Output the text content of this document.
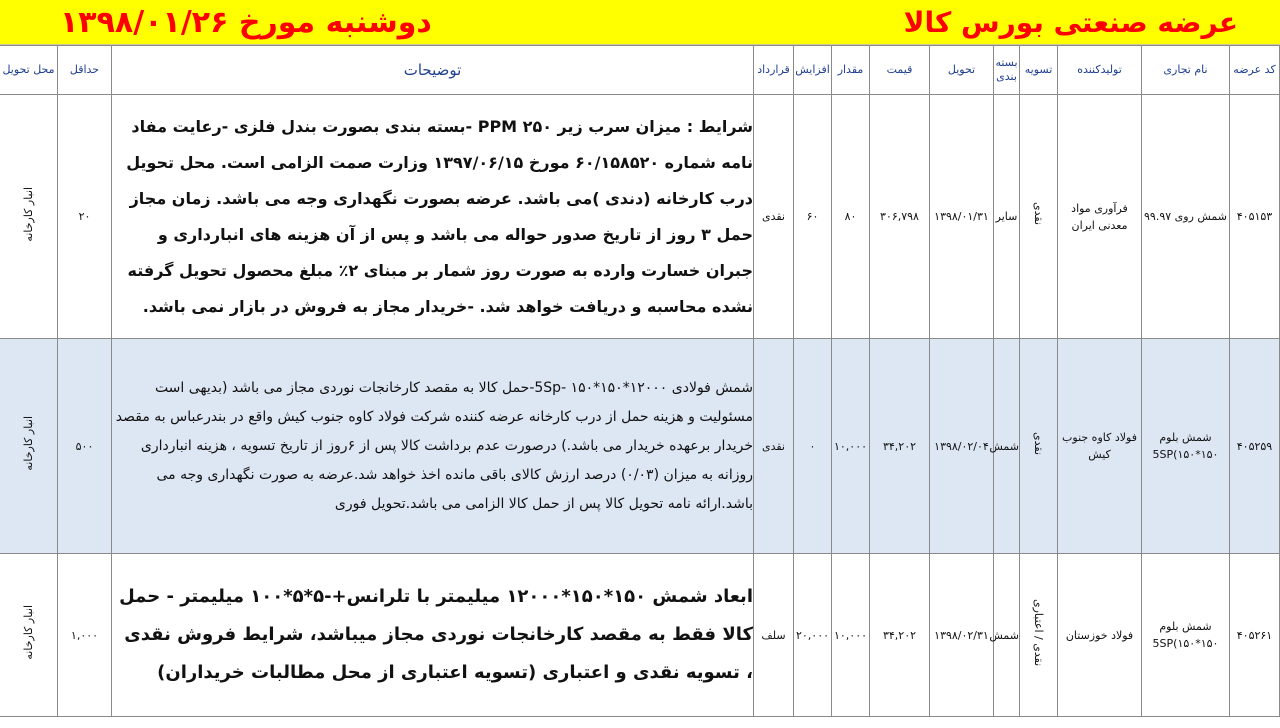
عرضه صنعتی بورس کالا
دوشنبه مورخ ۱۳۹۸/۰۱/۲۶
کد عرضه	نام تجاری	تولیدکننده	تسویه	بسته بندی	تحویل	قیمت	مقدار	افزایش	قرارداد	توضیحات	حداقل	محل تحویل
۴۰۵۱۵۳	شمش روی ۹۹.۹۷	فرآوری مواد معدنی ایران	نقدی	سایر	۱۳۹۸/۰۱/۳۱	۳۰۶,۷۹۸	۸۰	۶۰	نقدی	شرایط : میزان سرب زیر ۲۵۰ PPM -بسته بندی بصورت بندل فلزی -رعایت مفاد نامه شماره ۶۰/۱۵۸۵۲۰ مورخ ۱۳۹۷/۰۶/۱۵ وزارت صمت الزامی است. محل تحویل درب کارخانه (دندی )می باشد. عرضه بصورت نگهداری وجه می باشد. زمان مجاز حمل ۳ روز از تاریخ صدور حواله می باشد و پس از آن هزینه های انبارداری و جبران خسارت وارده به صورت روز شمار بر مبنای ۲٪ مبلغ محصول تحویل گرفته نشده محاسبه و دریافت خواهد شد. -خریدار مجاز به فروش در بازار نمی باشد.	۲۰	انبار کارخانه
۴۰۵۲۵۹	شمش بلوم ۱۵۰*۱۵۰)5SP	فولاد کاوه جنوب کیش	نقدی	شمش	۱۳۹۸/۰۲/۰۴	۳۴,۲۰۲	۱۰,۰۰۰	۰	نقدی	شمش فولادی ۱۲۰۰۰*۱۵۰*۱۵۰ -5Sp-حمل کالا به مقصد کارخانجات نوردی مجاز می باشد (بدیهی است مسئولیت و هزینه حمل از درب کارخانه عرضه کننده شرکت فولاد کاوه جنوب کیش واقع در بندرعباس به مقصد خریدار برعهده خریدار می باشد.) درصورت عدم برداشت کالا پس از ۶روز از تاریخ تسویه ، هزینه انبارداری روزانه به میزان (۰/۰۳) درصد ارزش کالای باقی مانده اخذ خواهد شد.عرضه به صورت نگهداری وجه می باشد.ارائه نامه تحویل کالا پس از حمل کالا الزامی می باشد.تحویل فوری	۵۰۰	انبار کارخانه
۴۰۵۲۶۱	شمش بلوم ۱۵۰*۱۵۰)5SP	فولاد خوزستان	نقدی / اعتباری	شمش	۱۳۹۸/۰۲/۳۱	۳۴,۲۰۲	۱۰,۰۰۰	۲۰,۰۰۰	سلف	ابعاد شمش ۱۵۰*۱۵۰*۱۲۰۰۰ میلیمتر با تلرانس+-۵*۵*۱۰۰ میلیمتر - حمل کالا فقط به مقصد کارخانجات نوردی مجاز میباشد، شرایط فروش نقدی ، تسویه نقدی و اعتباری (تسویه اعتباری از محل مطالبات خریداران)	۱,۰۰۰	انبار کارخانه
